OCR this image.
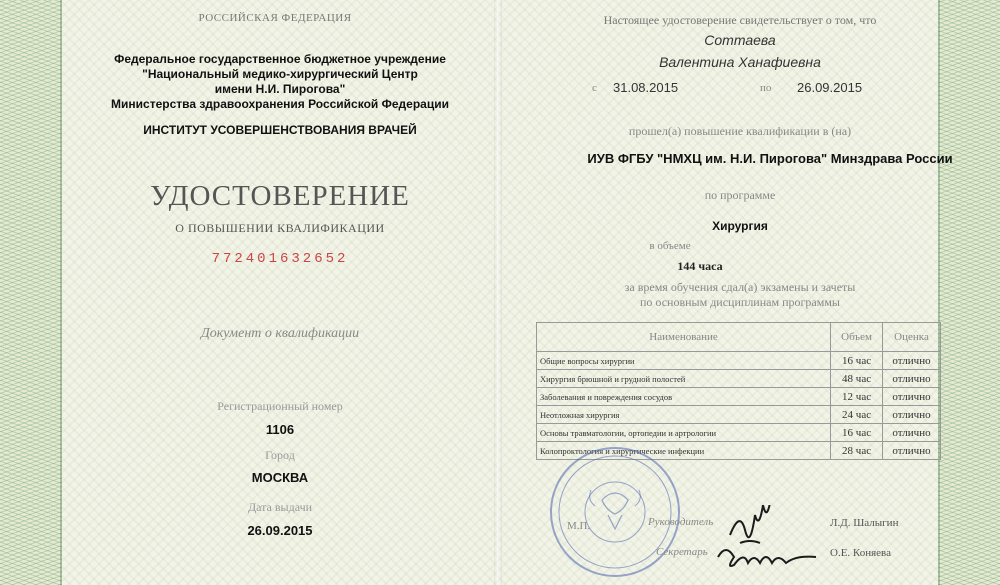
РОССИЙСКАЯ ФЕДЕРАЦИЯ
Федеральное государственное бюджетное учреждение
"Национальный медико-хирургический Центр
имени Н.И. Пирогова"
Министерства здравоохранения Российской Федерации
ИНСТИТУТ УСОВЕРШЕНСТВОВАНИЯ ВРАЧЕЙ
УДОСТОВЕРЕНИЕ
О ПОВЫШЕНИИ КВАЛИФИКАЦИИ
772401632652
Документ о квалификации
Регистрационный номер
1106
Город
МОСКВА
Дата выдачи
26.09.2015
Настоящее удостоверение свидетельствует о том, что
Соттаева
Валентина Ханафиевна
с 31.08.2015	по 26.09.2015
прошел(а) повышение квалификации в (на)
ИУВ ФГБУ "НМХЦ им. Н.И. Пирогова" Минздрава России
по программе
Хирургия
в объеме
144 часа
за время обучения сдал(а) экзамены и зачеты
по основным дисциплинам программы
Наименование	Объем	Оценка
Общие вопросы хирургии	16 час	отлично
Хирургия брюшной и грудной полостей	48 час	отлично
Заболевания и повреждения сосудов	12 час	отлично
Неотложная хирургия	24 час	отлично
Основы травматологии, ортопедии и артрологии	16 час	отлично
Колопроктология и хирургические инфекции	28 час	отлично
М.П.	Руководитель	Л.Д. Шалыгин
Секретарь	О.Е. Коняева
